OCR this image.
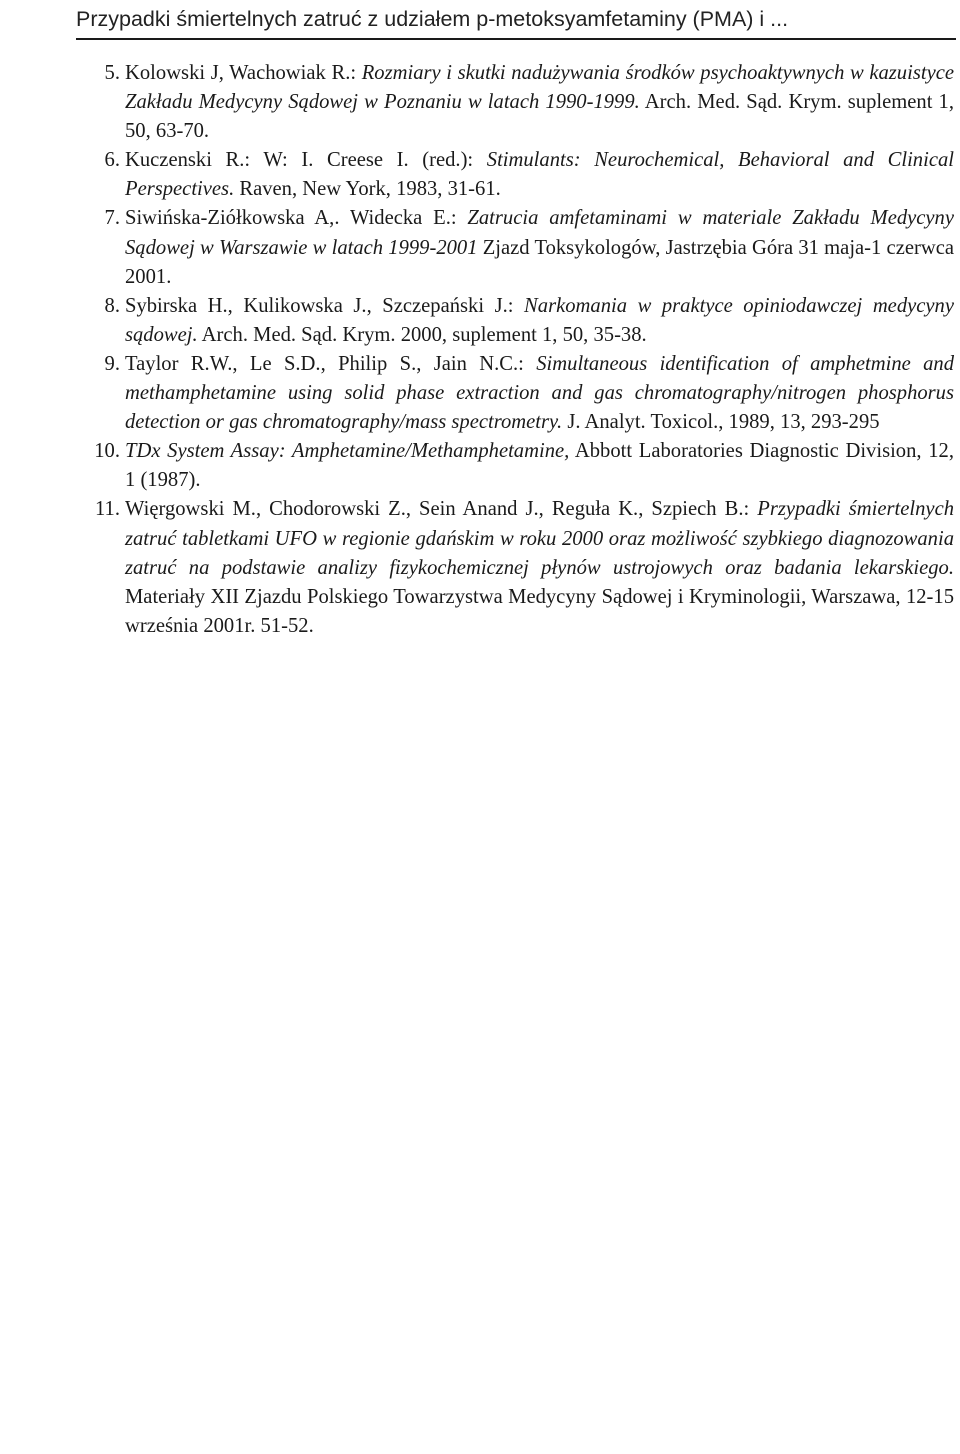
Przypadki śmiertelnych zatruć z udziałem p-metoksyamfetaminy (PMA) i ...
5. Kolowski J, Wachowiak R.: Rozmiary i skutki nadużywania środków psychoaktywnych w kazuistyce Zakładu Medycyny Sądowej w Poznaniu w latach 1990-1999. Arch. Med. Sąd. Krym. suplement 1, 50, 63-70.
6. Kuczenski R.: W: I. Creese I. (red.): Stimulants: Neurochemical, Behavioral and Clinical Perspectives. Raven, New York, 1983, 31-61.
7. Siwińska-Ziółkowska A,. Widecka E.: Zatrucia amfetaminami w materiale Zakładu Medycyny Sądowej w Warszawie w latach 1999-2001 Zjazd Toksykologów, Jastrzębia Góra 31 maja-1 czerwca 2001.
8. Sybirska H., Kulikowska J., Szczepański J.: Narkomania w praktyce opiniodawczej medycyny sądowej. Arch. Med. Sąd. Krym. 2000, suplement 1, 50, 35-38.
9. Taylor R.W., Le S.D., Philip S., Jain N.C.: Simultaneous identification of amphetmine and methamphetamine using solid phase extraction and gas chromatography/nitrogen phosphorus detection or gas chromatography/mass spectrometry. J. Analyt. Toxicol., 1989, 13, 293-295
10. TDx System Assay: Amphetamine/Methamphetamine, Abbott Laboratories Diagnostic Division, 12, 1 (1987).
11. Więrgowski M., Chodorowski Z., Sein Anand J., Reguła K., Szpiech B.: Przypadki śmiertelnych zatruć tabletkami UFO w regionie gdańskim w roku 2000 oraz możliwość szybkiego diagnozowania zatruć na podstawie analizy fizykochemicznej płynów ustrojowych oraz badania lekarskiego. Materiały XII Zjazdu Polskiego Towarzystwa Medycyny Sądowej i Kryminologii, Warszawa, 12-15 września 2001r. 51-52.
